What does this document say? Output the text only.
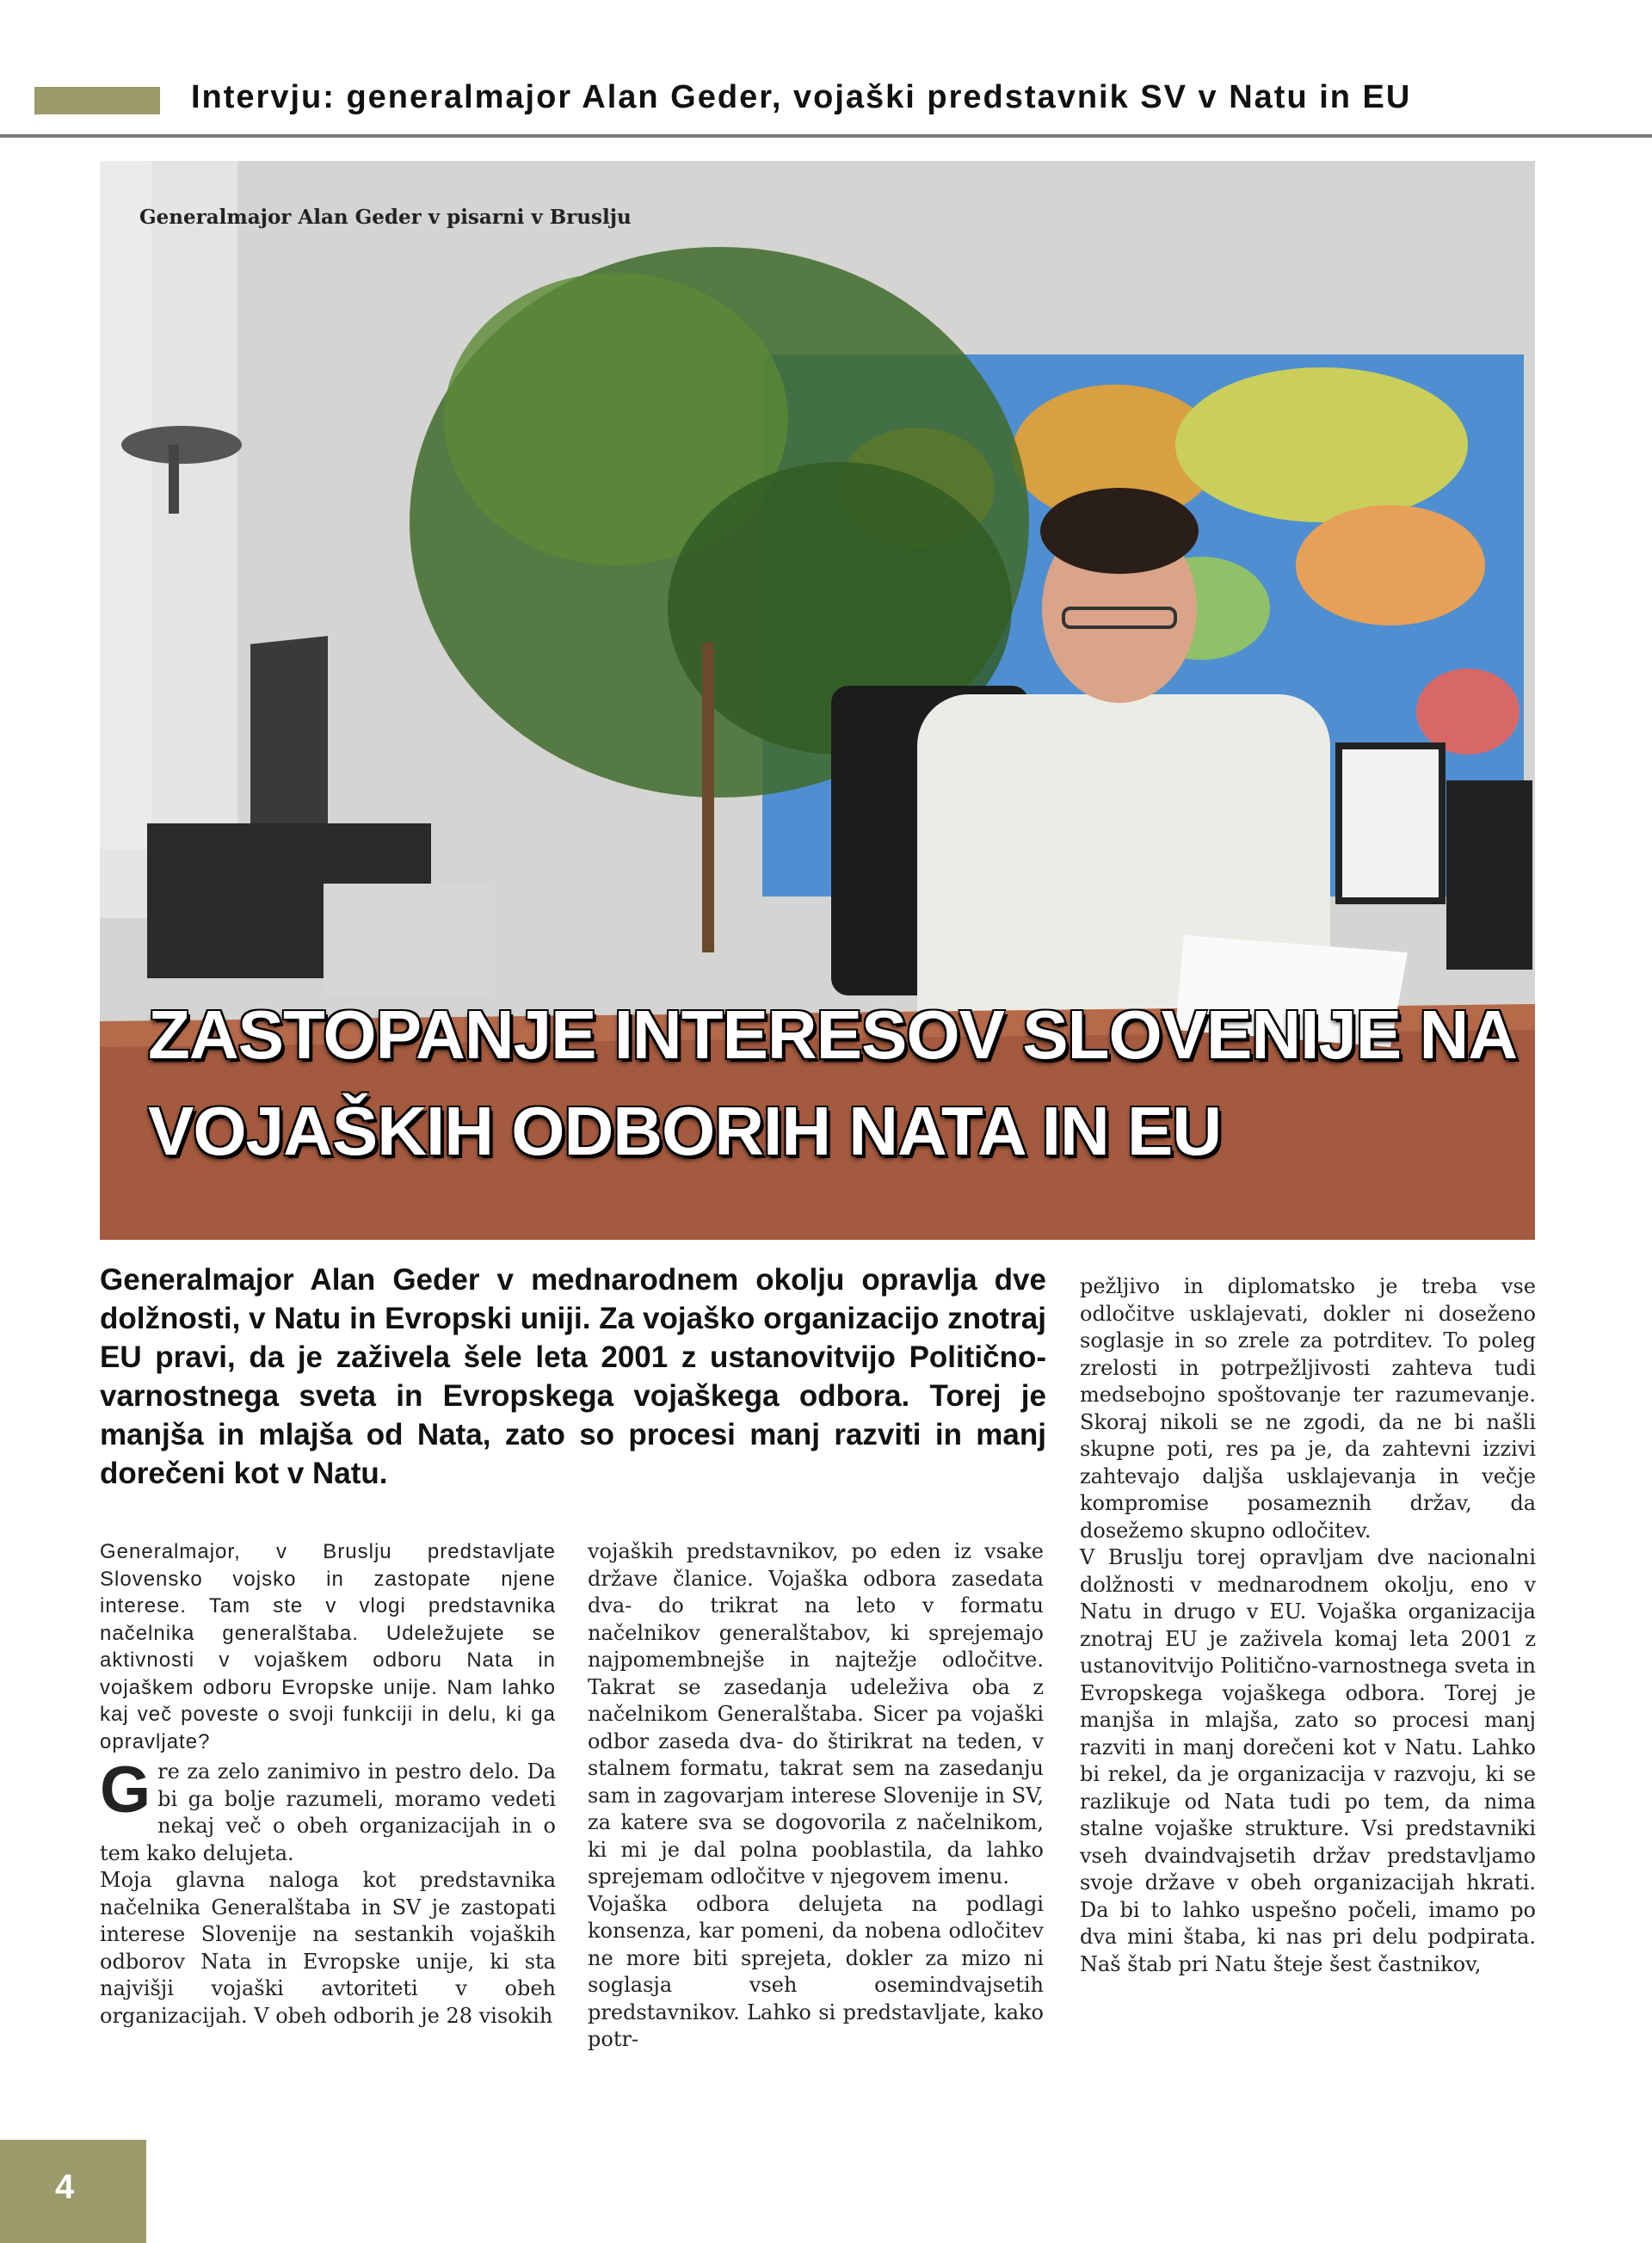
Intervju: generalmajor Alan Geder, vojaški predstavnik SV v Natu in EU
Generalmajor Alan Geder v pisarni v Bruslju
ZASTOPANJE INTERESOV SLOVENIJE NA
VOJAŠKIH ODBORIH NATA IN EU
Generalmajor Alan Geder v mednarodnem okolju opravlja dve dolžnosti, v Natu in Evropski uniji. Za vojaško organizacijo znotraj EU pravi, da je zaživela šele leta 2001 z ustanovitvijo Politično-varnostnega sveta in Evropskega vojaškega odbora. Torej je manjša in mlajša od Nata, zato so procesi manj razviti in manj dorečeni kot v Natu.

Generalmajor, v Bruslju predstavljate Slovensko vojsko in zastopate njene interese. Tam ste v vlogi predstavnika načelnika generalštaba. Udeležujete se aktivnosti v vojaškem odboru Nata in vojaškem odboru Evropske unije. Nam lahko kaj več poveste o svoji funkciji in delu, ki ga opravljate?

Gre za zelo zanimivo in pestro delo. Da bi ga bolje razumeli, moramo vedeti nekaj več o obeh organizacijah in o tem kako delujeta.

Moja glavna naloga kot predstavnika načelnika Generalštaba in SV je zastopati interese Slovenije na sestankih vojaških odborov Nata in Evropske unije, ki sta najvišji vojaški avtoriteti v obeh organizacijah. V obeh odborih je 28 visokih

vojaških predstavnikov, po eden iz vsake države članice. Vojaška odbora zasedata dva- do trikrat na leto v formatu načelnikov generalštabov, ki sprejemajo najpomembnejše in najtežje odločitve. Takrat se zasedanja udeleživa oba z načelnikom Generalštaba. Sicer pa vojaški odbor zaseda dva- do štirikrat na teden, v stalnem formatu, takrat sem na zasedanju sam in zagovarjam interese Slovenije in SV, za katere sva se dogovorila z načelnikom, ki mi je dal polna pooblastila, da lahko sprejemam odločitve v njegovem imenu.

Vojaška odbora delujeta na podlagi konsenza, kar pomeni, da nobena odločitev ne more biti sprejeta, dokler za mizo ni soglasja vseh osemindvajsetih predstavnikov. Lahko si predstavljate, kako potr-

pežljivo in diplomatsko je treba vse odločitve usklajevati, dokler ni doseženo soglasje in so zrele za potrditev. To poleg zrelosti in potrpežljivosti zahteva tudi medsebojno spoštovanje ter razumevanje. Skoraj nikoli se ne zgodi, da ne bi našli skupne poti, res pa je, da zahtevni izzivi zahtevajo daljša usklajevanja in večje kompromise posameznih držav, da dosežemo skupno odločitev.

V Bruslju torej opravljam dve nacionalni dolžnosti v mednarodnem okolju, eno v Natu in drugo v EU. Vojaška organizacija znotraj EU je zaživela komaj leta 2001 z ustanovitvijo Politično-varnostnega sveta in Evropskega vojaškega odbora. Torej je manjša in mlajša, zato so procesi manj razviti in manj dorečeni kot v Natu. Lahko bi rekel, da je organizacija v razvoju, ki se razlikuje od Nata tudi po tem, da nima stalne vojaške strukture. Vsi predstavniki vseh dvaindvajsetih držav predstavljamo svoje države v obeh organizacijah hkrati. Da bi to lahko uspešno počeli, imamo po dva mini štaba, ki nas pri delu podpirata. Naš štab pri Natu šteje šest častnikov,

4
